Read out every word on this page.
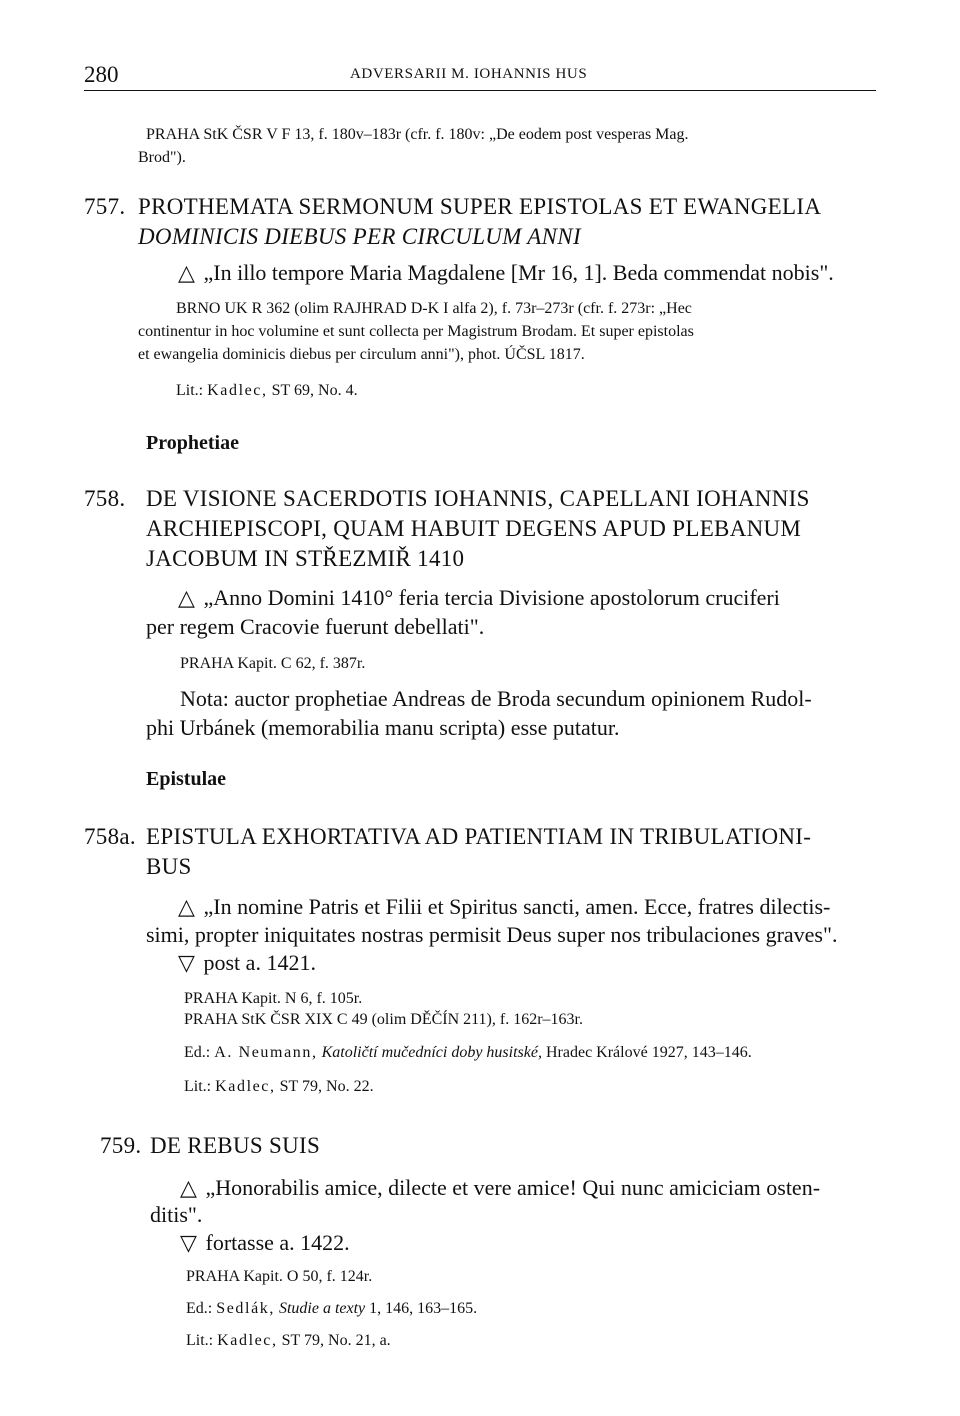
280	ADVERSARII M. IOHANNIS HUS
PRAHA StK ČSR V F 13, f. 180v–183r (cfr. f. 180v: „De eodem post vesperas Mag.
Brod").
757. PROTHEMATA SERMONUM SUPER EPISTOLAS ET EWANGELIA
DOMINICIS DIEBUS PER CIRCULUM ANNI
△ „In illo tempore Maria Magdalene [Mr 16, 1]. Beda commendat nobis".
BRNO UK R 362 (olim RAJHRAD D-K I alfa 2), f. 73r–273r (cfr. f. 273r: „Hec
continentur in hoc volumine et sunt collecta per Magistrum Brodam. Et super epistolas
et ewangelia dominicis diebus per circulum anni"), phot. ÚČSL 1817.
Lit.: Kadlec, ST 69, No. 4.
Prophetiae
758. DE VISIONE SACERDOTIS IOHANNIS, CAPELLANI IOHANNIS
ARCHIEPISCOPI, QUAM HABUIT DEGENS APUD PLEBANUM
JACOBUM IN STŘEZMIŘ 1410
△ „Anno Domini 1410° feria tercia Divisione apostolorum cruciferi
per regem Cracovie fuerunt debellati".
PRAHA Kapit. C 62, f. 387r.
Nota: auctor prophetiae Andreas de Broda secundum opinionem Rudol-
phi Urbánek (memorabilia manu scripta) esse putatur.
Epistulae
758a. EPISTULA EXHORTATIVA AD PATIENTIAM IN TRIBULATIONI-
BUS
△ „In nomine Patris et Filii et Spiritus sancti, amen. Ecce, fratres dilectis-
simi, propter iniquitates nostras permisit Deus super nos tribulaciones graves".
▽ post a. 1421.
PRAHA Kapit. N 6, f. 105r.
PRAHA StK ČSR XIX C 49 (olim DĚČÍN 211), f. 162r–163r.
Ed.: A. Neumann, Katoličtí mučedníci doby husitské, Hradec Králové 1927, 143–146.
Lit.: Kadlec, ST 79, No. 22.
759. DE REBUS SUIS
△ „Honorabilis amice, dilecte et vere amice! Qui nunc amiciciam osten-
ditis".
▽ fortasse a. 1422.
PRAHA Kapit. O 50, f. 124r.
Ed.: Sedlák, Studie a texty 1, 146, 163–165.
Lit.: Kadlec, ST 79, No. 21, a.
